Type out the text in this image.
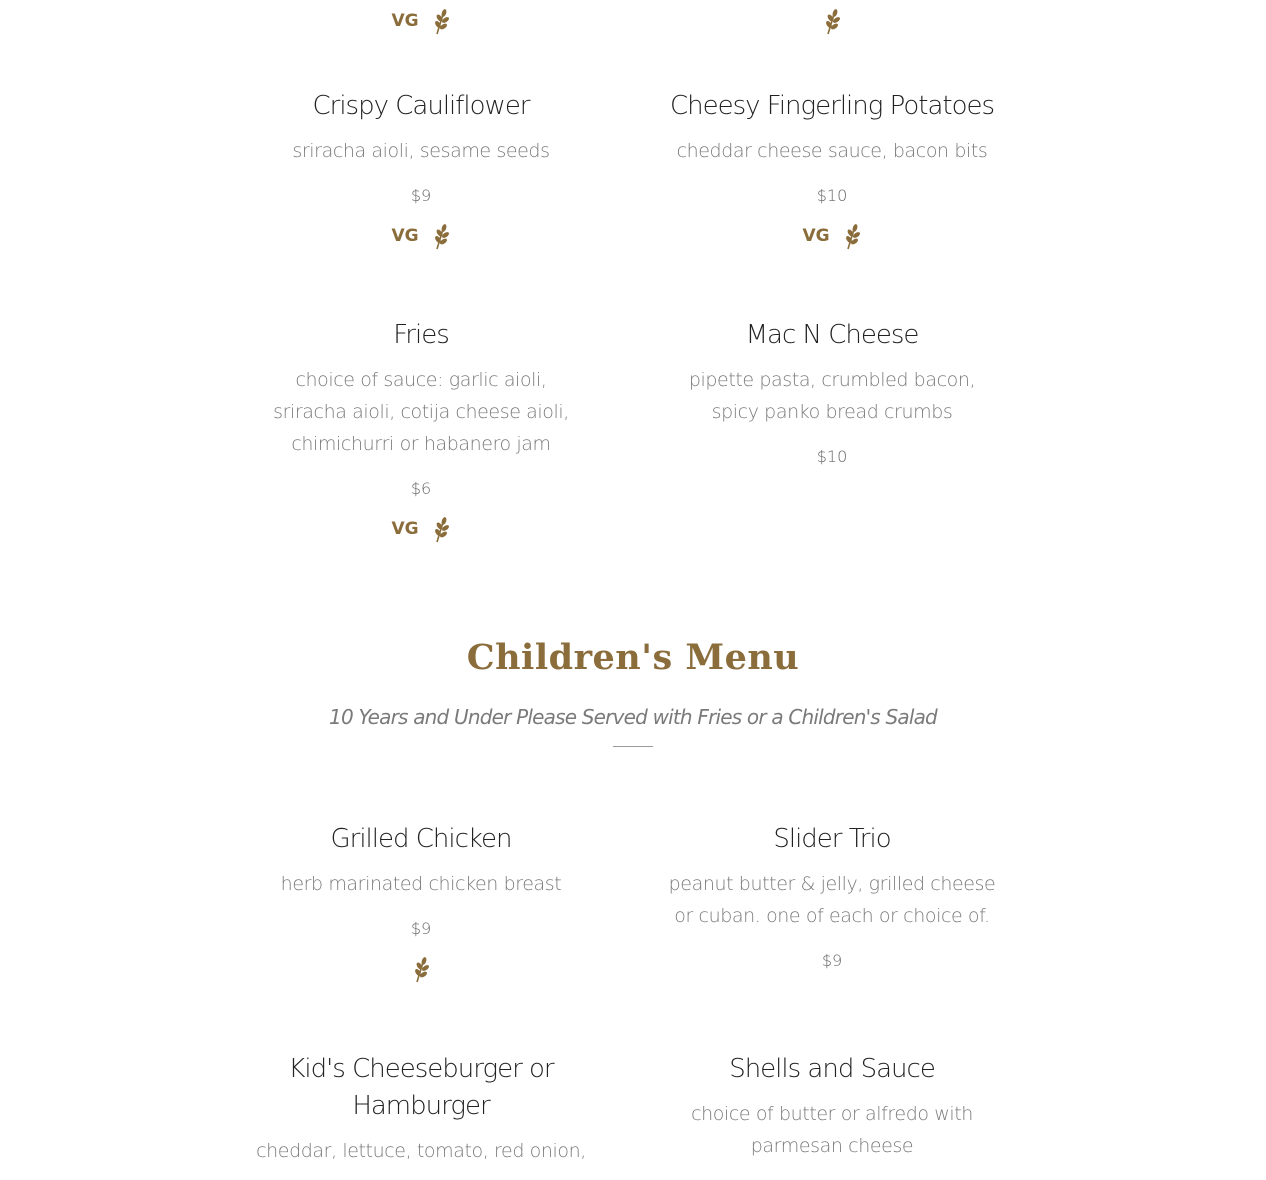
VG
Crispy Cauliflower
sriracha aioli, sesame seeds
$9
VG
Cheesy Fingerling Potatoes
cheddar cheese sauce, bacon bits
$10
VG
Fries
choice of sauce: garlic aioli,
sriracha aioli, cotija cheese aioli,
chimichurri or habanero jam
$6
VG
Mac N Cheese
pipette pasta, crumbled bacon,
spicy panko bread crumbs
$10
Children's Menu
10 Years and Under Please Served with Fries or a Children's Salad
Grilled Chicken
herb marinated chicken breast
$9
Slider Trio
peanut butter & jelly, grilled cheese
or cuban. one of each or choice of.
$9
Kid's Cheeseburger or
Hamburger
cheddar, lettuce, tomato, red onion,
Shells and Sauce
choice of butter or alfredo with
parmesan cheese
